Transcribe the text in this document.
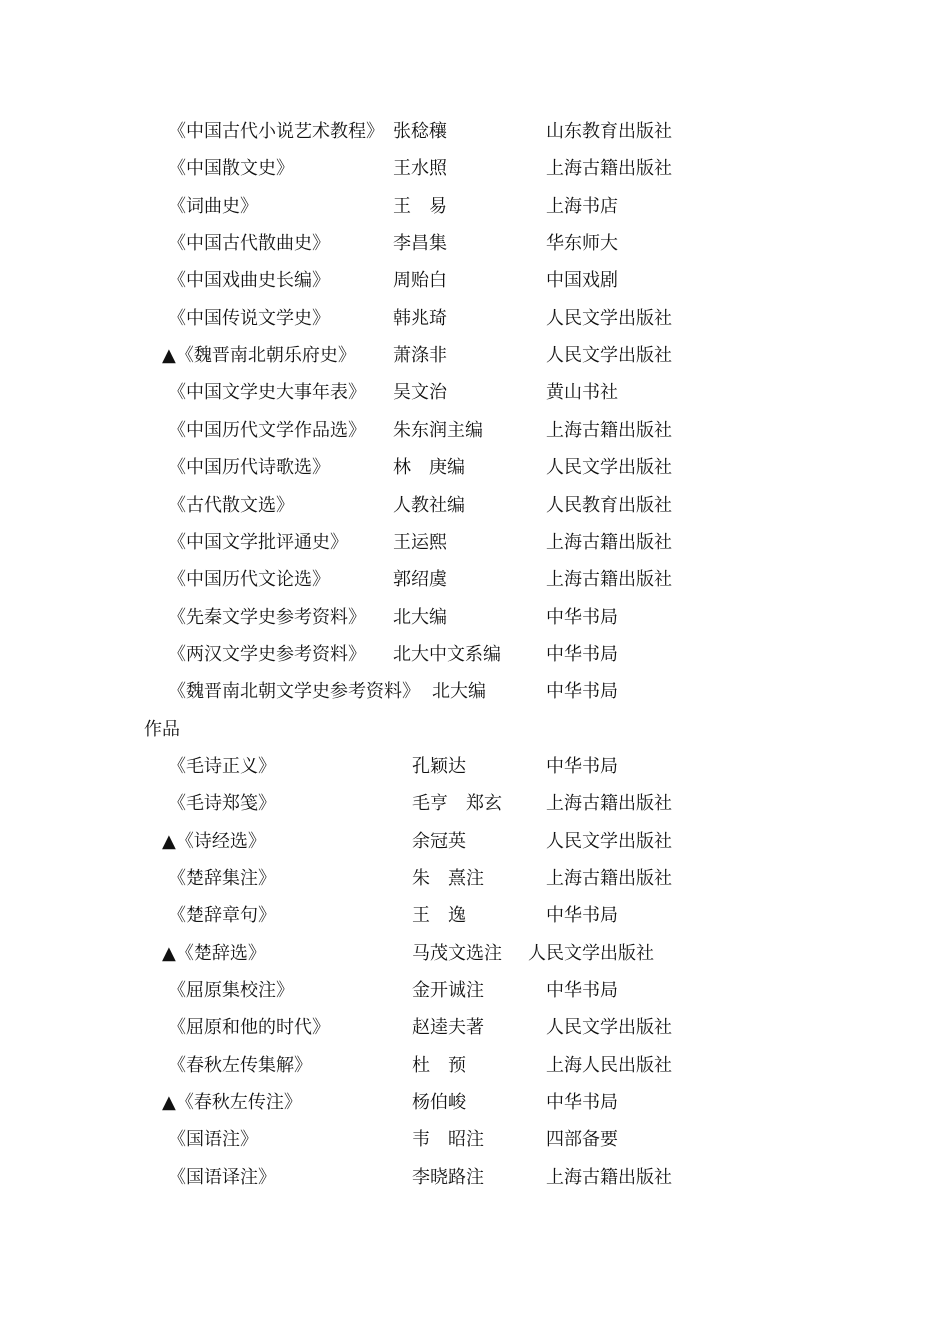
《中国古代小说艺术教程》 张稔穰	山东教育出版社
《中国散文史》	王水照	上海古籍出版社
《词曲史》	王　易	上海书店
《中国古代散曲史》	李昌集	华东师大
《中国戏曲史长编》	周贻白	中国戏剧
《中国传说文学史》	韩兆琦	人民文学出版社
▲《魏晋南北朝乐府史》 萧涤非	人民文学出版社
《中国文学史大事年表》 吴文治	黄山书社
《中国历代文学作品选》 朱东润主编	上海古籍出版社
《中国历代诗歌选》	林　庚编	人民文学出版社
《古代散文选》	人教社编	人民教育出版社
《中国文学批评通史》	王运熙	上海古籍出版社
《中国历代文论选》	郭绍虞	上海古籍出版社
《先秦文学史参考资料》 北大编	中华书局
《两汉文学史参考资料》 北大中文系编	中华书局
《魏晋南北朝文学史参考资料》 北大编	中华书局
作品
《毛诗正义》	孔颖达	中华书局
《毛诗郑笺》	毛亨　郑玄 上海古籍出版社
▲《诗经选》	余冠英	人民文学出版社
《楚辞集注》	朱　熹注	上海古籍出版社
《楚辞章句》	王　逸	中华书局
▲《楚辞选》	马茂文选注 人民文学出版社
《屈原集校注》	金开诚注	中华书局
《屈原和他的时代》	赵逵夫著	人民文学出版社
《春秋左传集解》	杜　预	上海人民出版社
▲《春秋左传注》	杨伯峻	中华书局
《国语注》	韦　昭注	四部备要
《国语译注》	李晓路注	上海古籍出版社
